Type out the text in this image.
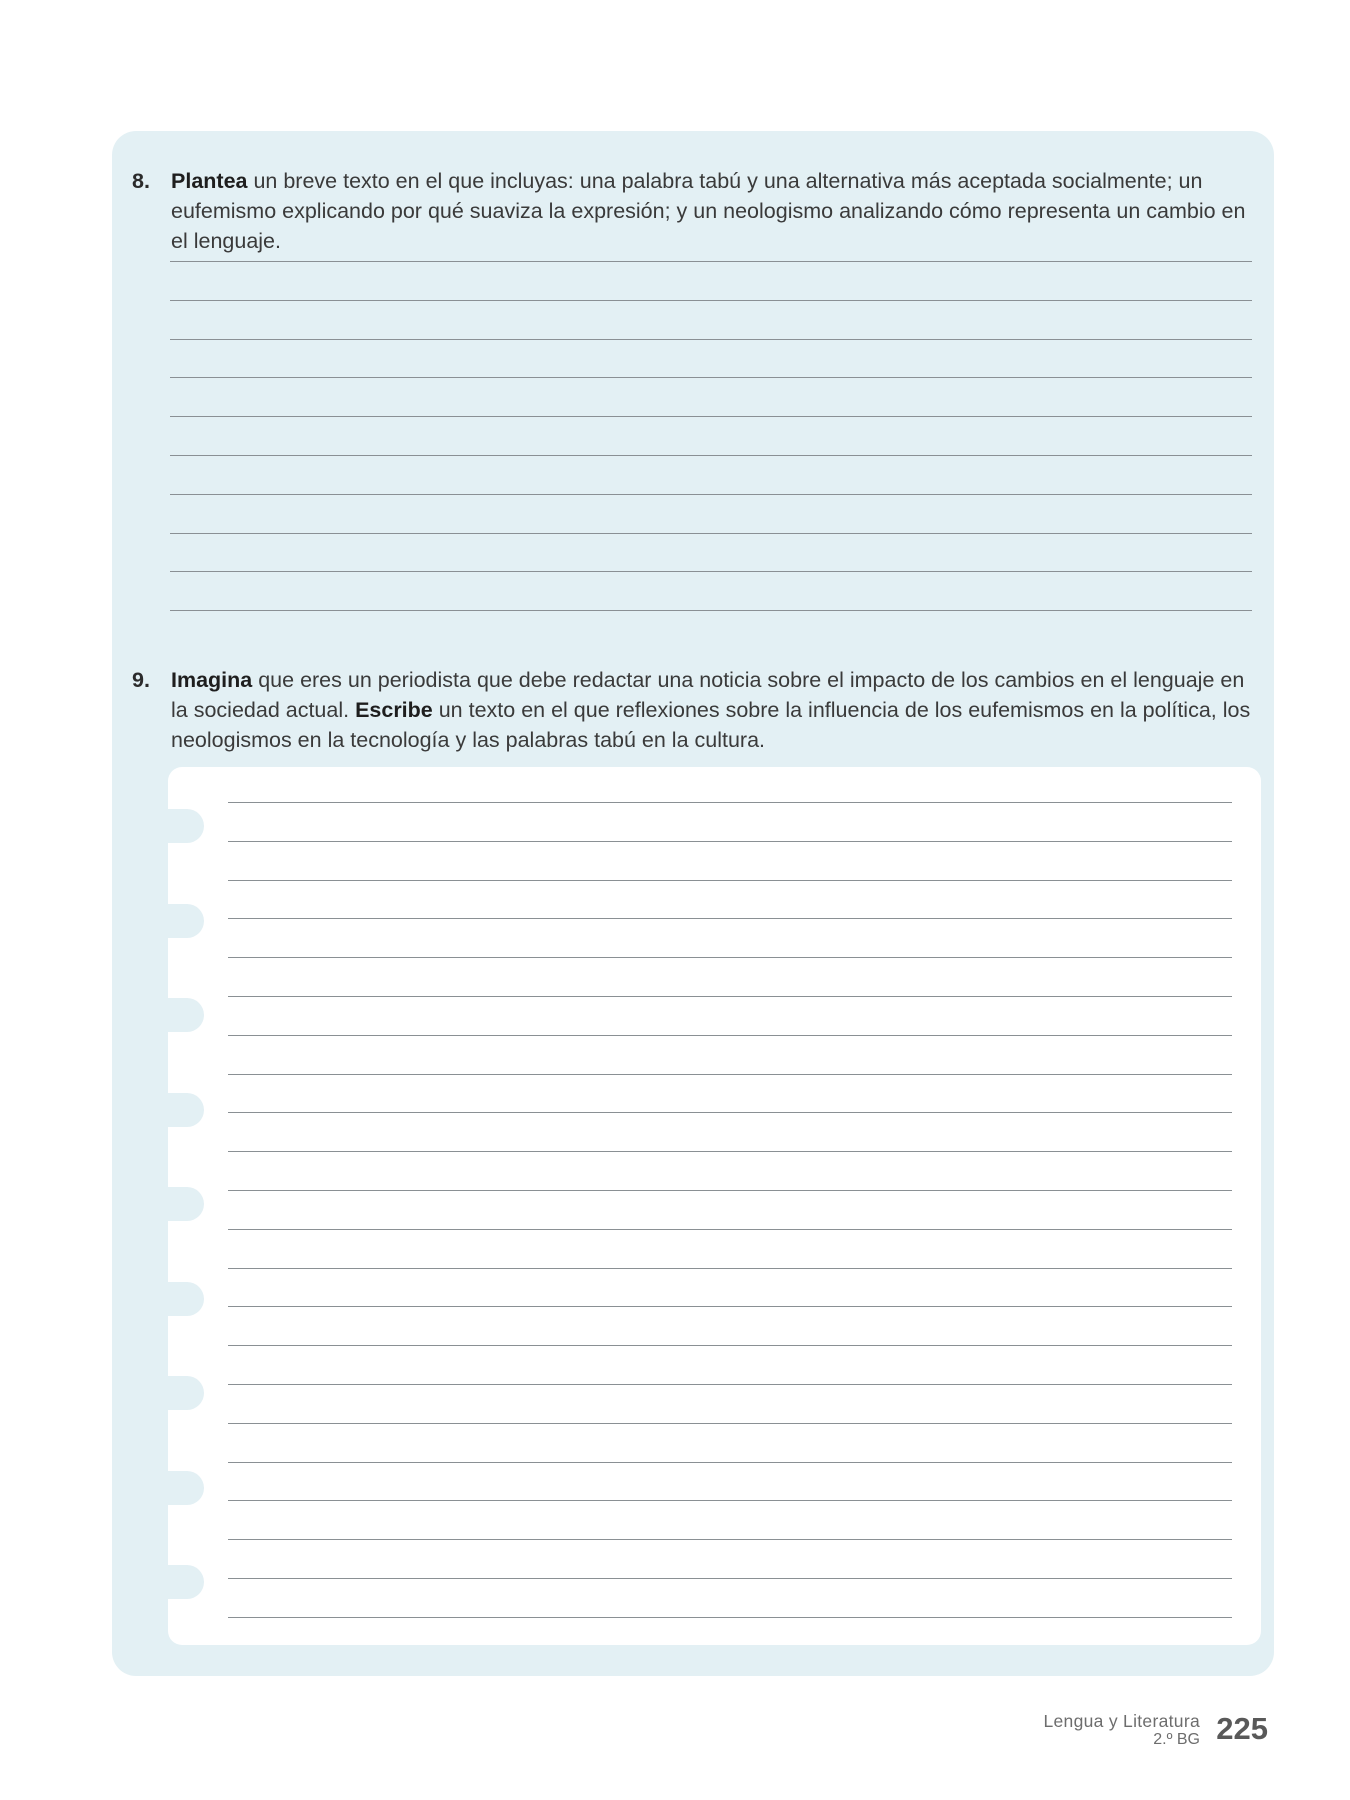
8. Plantea un breve texto en el que incluyas: una palabra tabú y una alternativa más aceptada socialmente; un eufemismo explicando por qué suaviza la expresión; y un neologismo analizando cómo representa un cambio en el lenguaje.
9. Imagina que eres un periodista que debe redactar una noticia sobre el impacto de los cambios en el lenguaje en la sociedad actual. Escribe un texto en el que reflexiones sobre la influencia de los eufemismos en la política, los neologismos en la tecnología y las palabras tabú en la cultura.
Lengua y Literatura
2.º BG 225
